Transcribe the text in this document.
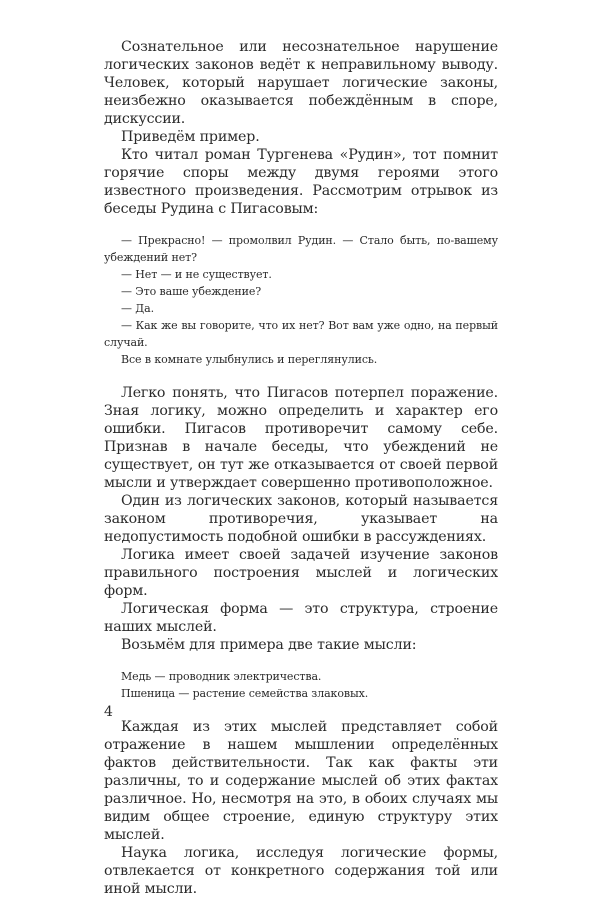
Сознательное или несознательное нарушение логических законов ведёт к неправильному выводу. Человек, который нарушает логические законы, неизбежно оказывается побеждённым в споре, дискуссии.

Приведём пример.

Кто читал роман Тургенева «Рудин», тот помнит горячие споры между двумя героями этого известного произведения. Рассмотрим отрывок из беседы Рудина с Пигасовым:

— Прекрасно! — промолвил Рудин. — Стало быть, по-вашему убеждений нет?

— Нет — и не существует.

— Это ваше убеждение?

— Да.

— Как же вы говорите, что их нет? Вот вам уже одно, на первый случай.

Все в комнате улыбнулись и переглянулись.

Легко понять, что Пигасов потерпел поражение. Зная логику, можно определить и характер его ошибки. Пигасов противоречит самому себе. Признав в начале беседы, что убеждений не существует, он тут же отказывается от своей первой мысли и утверждает совершенно противоположное.

Один из логических законов, который называется законом противоречия, указывает на недопустимость подобной ошибки в рассуждениях.

Логика имеет своей задачей изучение законов правильного построения мыслей и логических форм.

Логическая форма — это структура, строение наших мыслей.

Возьмём для примера две такие мысли:

Медь — проводник электричества.

Пшеница — растение семейства злаковых.

Каждая из этих мыслей представляет собой отражение в нашем мышлении определённых фактов действительности. Так как факты эти различны, то и содержание мыслей об этих фактах различное. Но, несмотря на это, в обоих случаях мы видим общее строение, единую структуру этих мыслей.

Наука логика, исследуя логические формы, отвлекается от конкретного содержания той или иной мысли.

4
